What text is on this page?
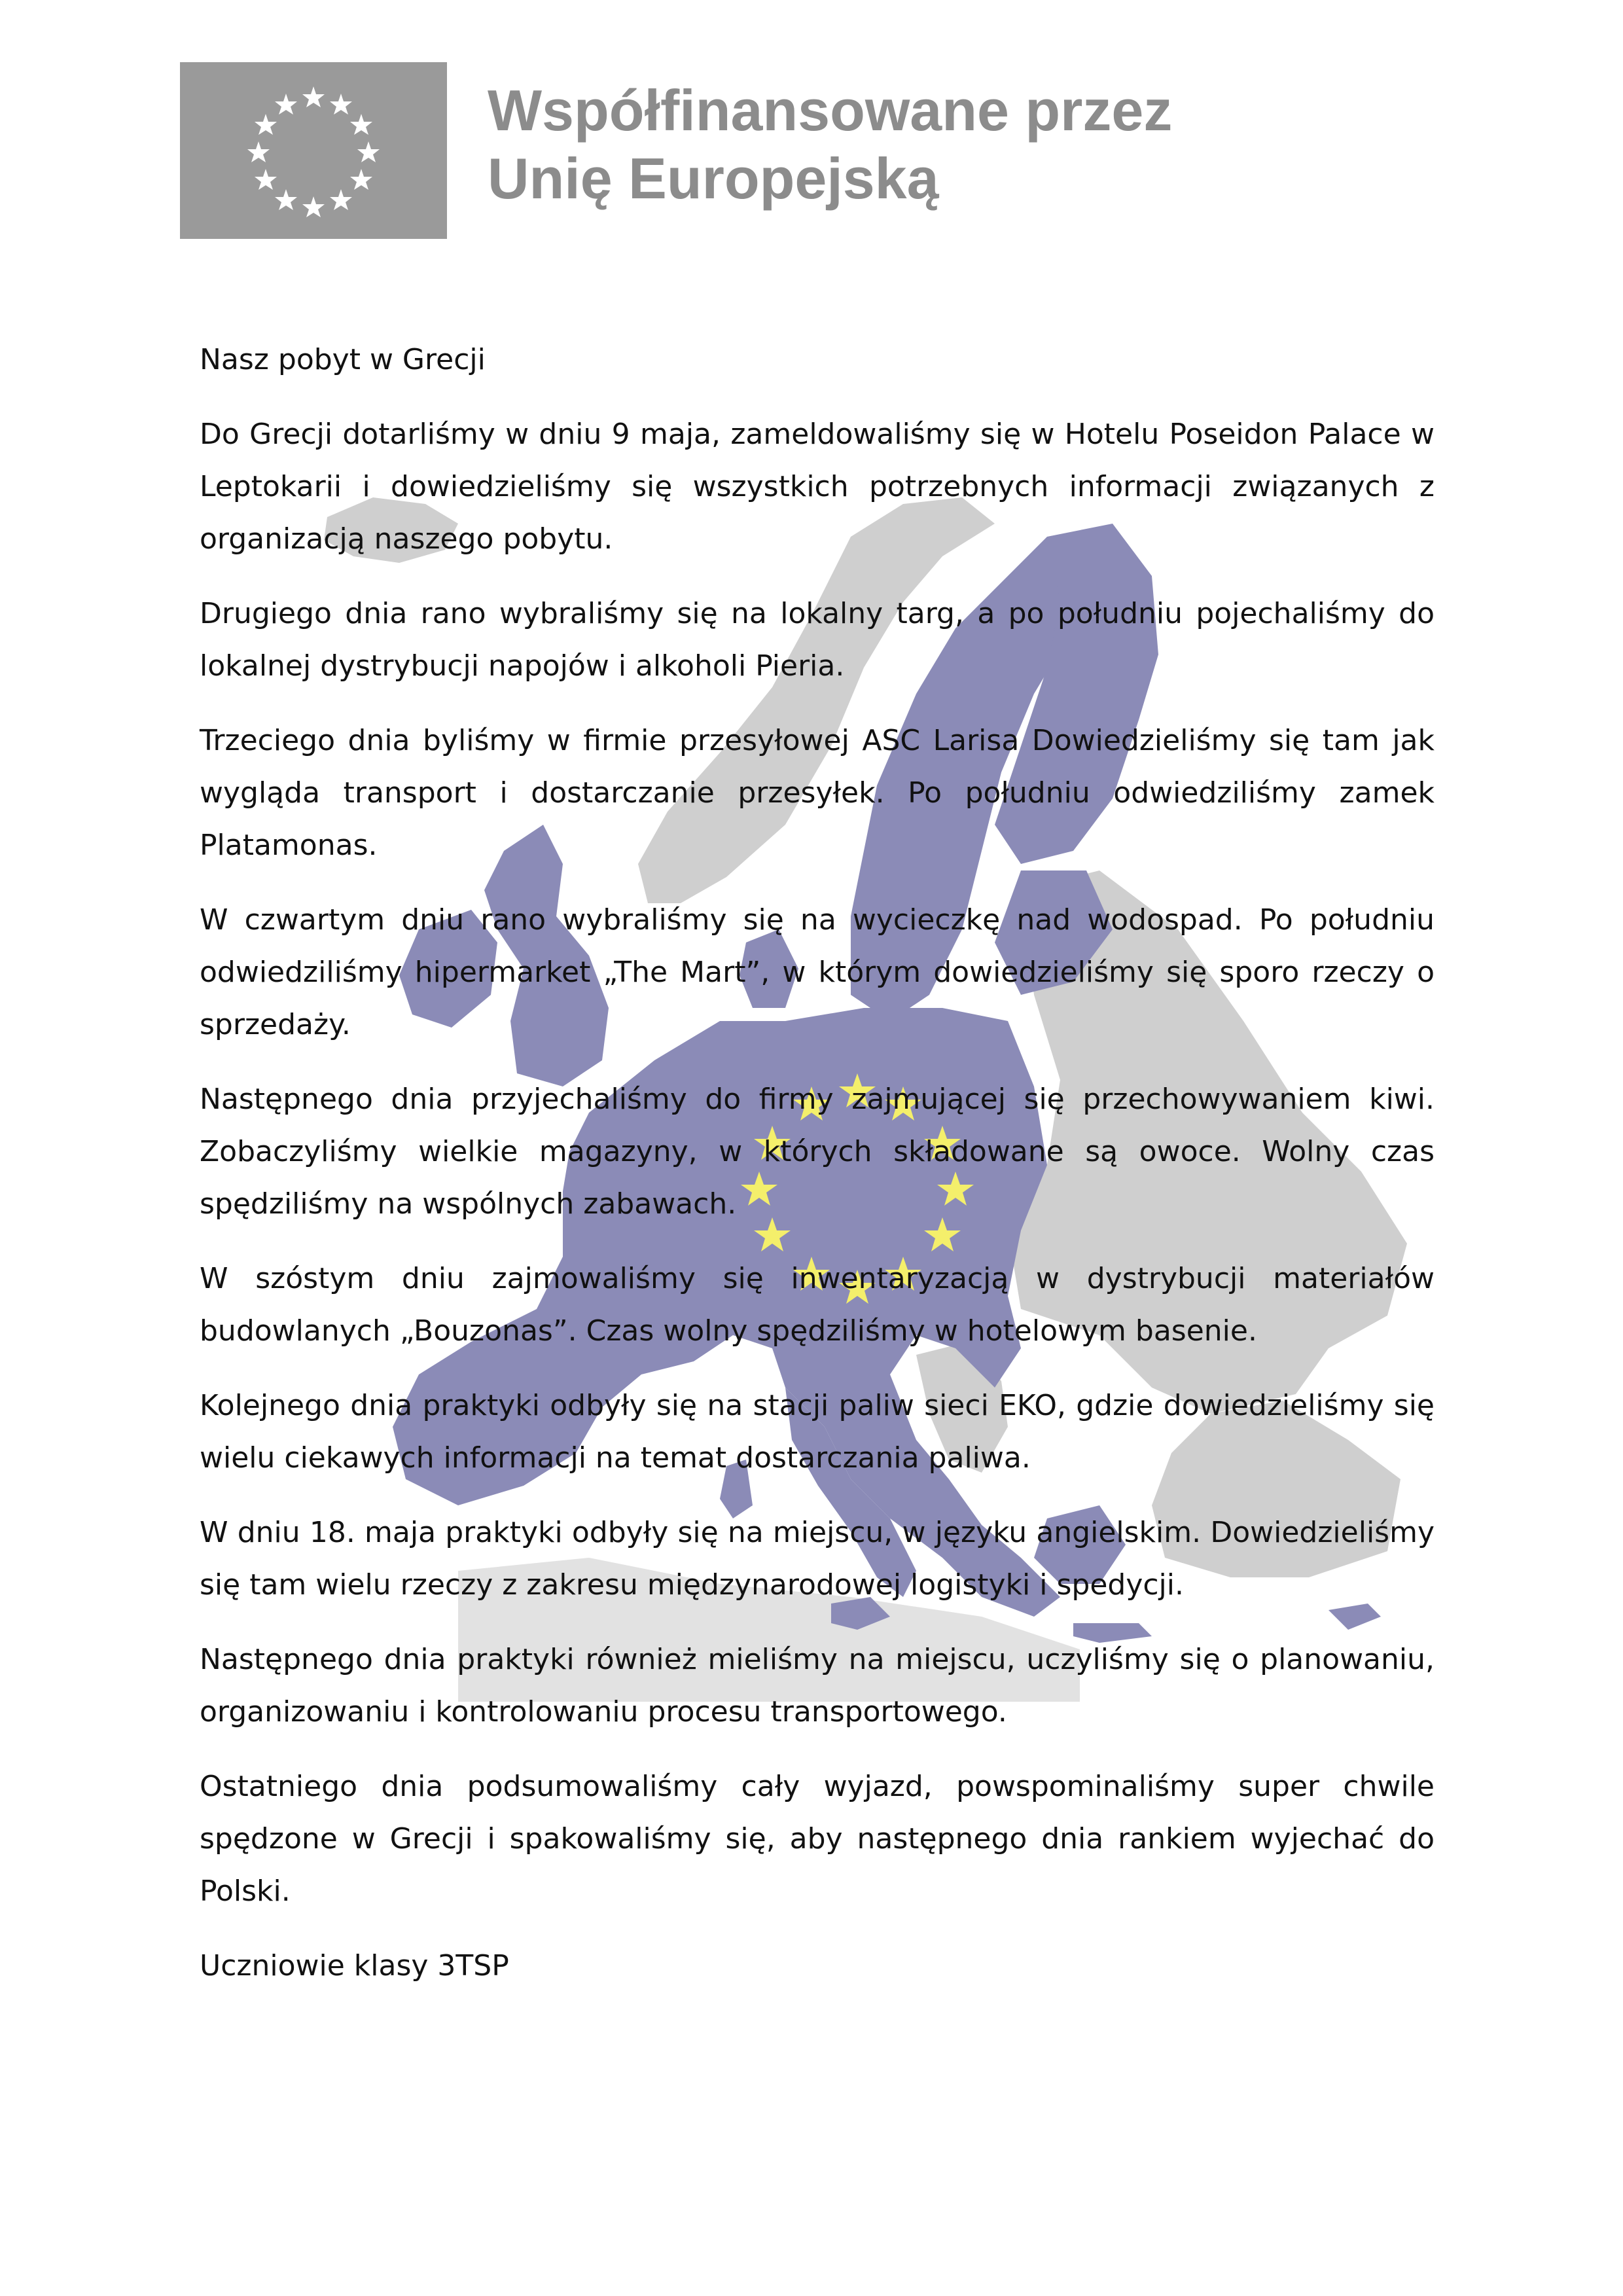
Współfinansowane przez
Unię Europejską

Nasz pobyt w Grecji

Do Grecji dotarliśmy w dniu 9 maja, zameldowaliśmy się w Hotelu Poseidon Palace w Leptokarii i dowiedzieliśmy się wszystkich potrzebnych informacji związanych z organizacją naszego pobytu.

Drugiego dnia rano wybraliśmy się na lokalny targ, a po południu pojechaliśmy do lokalnej dystrybucji napojów i alkoholi Pieria.

Trzeciego dnia byliśmy w firmie przesyłowej ASC Larisa Dowiedzieliśmy się tam jak wygląda transport i dostarczanie przesyłek. Po południu odwiedziliśmy zamek Platamonas.

W czwartym dniu rano wybraliśmy się na wycieczkę nad wodospad. Po południu odwiedziliśmy hipermarket „The Mart”, w którym dowiedzieliśmy się sporo rzeczy o sprzedaży.

Następnego dnia przyjechaliśmy do firmy zajmującej się przechowywaniem kiwi. Zobaczyliśmy wielkie magazyny, w których składowane są owoce. Wolny czas spędziliśmy na wspólnych zabawach.

W szóstym dniu zajmowaliśmy się inwentaryzacją w dystrybucji materiałów budowlanych „Bouzonas”. Czas wolny spędziliśmy w hotelowym basenie.

Kolejnego dnia praktyki odbyły się na stacji paliw sieci EKO, gdzie dowiedzieliśmy się wielu ciekawych informacji na temat dostarczania paliwa.

W dniu 18. maja praktyki odbyły się na miejscu, w języku angielskim. Dowiedzieliśmy się tam wielu rzeczy z zakresu międzynarodowej logistyki i spedycji.

Następnego dnia praktyki również mieliśmy na miejscu, uczyliśmy się o planowaniu, organizowaniu i kontrolowaniu procesu transportowego.

Ostatniego dnia podsumowaliśmy cały wyjazd, powspominaliśmy super chwile spędzone w Grecji i spakowaliśmy się, aby następnego dnia rankiem wyjechać do Polski.

Uczniowie klasy 3TSP
